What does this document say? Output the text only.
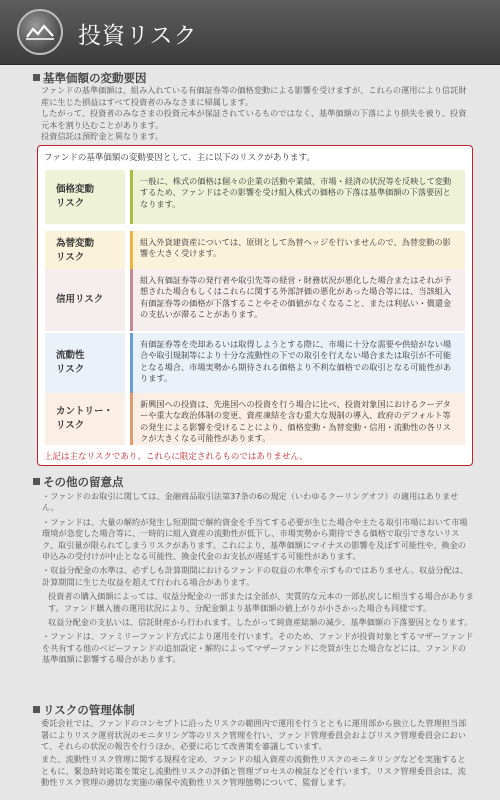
投資リスク
基準価額の変動要因

ファンドの基準価額は、組み入れている有価証券等の価格変動による影響を受けますが、これらの運用により信託財産に生じた損益はすべて投資者のみなさまに帰属します。

したがって、投資者のみなさまの投資元本が保証されているものではなく、基準価額の下落により損失を被り、投資元本を割り込むことがあります。

投資信託は預貯金と異なります。

ファンドの基準価額の変動要因として、主に以下のリスクがあります。
価格変動
リスク
一般に、株式の価格は個々の企業の活動や業績、市場・経済の状況等を反映して変動するため、ファンドはその影響を受け組入株式の価格の下落は基準価額の下落要因となります。
為替変動
リスク
組入外貨建資産については、原則として為替ヘッジを行いませんので、為替変動の影響を大きく受けます。
信用リスク
組入有価証券等の発行者や取引先等の経営・財務状況が悪化した場合またはそれが予想された場合もしくはこれらに関する外部評価の悪化があった場合等には、当該組入有価証券等の価格が下落することやその価値がなくなること、または利払い・償還金の支払いが滞ることがあります。
流動性
リスク
有価証券等を売却あるいは取得しようとする際に、市場に十分な需要や供給がない場合や取引規制等により十分な流動性の下での取引を行えない場合または取引が不可能となる場合、市場実勢から期待される価格より不利な価格での取引となる可能性があります。
カントリー・
リスク
新興国への投資は、先進国への投資を行う場合に比べ、投資対象国におけるクーデターや重大な政治体制の変更、資産凍結を含む重大な規制の導入、政府のデフォルト等の発生による影響を受けることにより、価格変動・為替変動・信用・流動性の各リスクが大きくなる可能性があります。
上記は主なリスクであり、これらに限定されるものではありません。
その他の留意点

・ファンドのお取引に関しては、金融商品取引法第37条の6の規定（いわゆるクーリングオフ）の適用はありません。

・ファンドは、大量の解約が発生し短期間で解約資金を手当てする必要が生じた場合や主たる取引市場において市場環境が急変した場合等に、一時的に組入資産の流動性が低下し、市場実勢から期待できる価格で取引できないリスク、取引量が限られてしまうリスクがあります。これにより、基準価額にマイナスの影響を及ぼす可能性や、換金の申込みの受付けが中止となる可能性、換金代金のお支払が遅延する可能性があります。

・収益分配金の水準は、必ずしも計算期間におけるファンドの収益の水準を示すものではありません。収益分配は、計算期間に生じた収益を超えて行われる場合があります。

投資者の購入価額によっては、収益分配金の一部または全部が、実質的な元本の一部払戻しに相当する場合があります。ファンド購入後の運用状況により、分配金額より基準価額の値上がりが小さかった場合も同様です。

収益分配金の支払いは、信託財産から行われます。したがって純資産総額の減少、基準価額の下落要因となります。

・ファンドは、ファミリーファンド方式により運用を行います。そのため、ファンドが投資対象とするマザーファンドを共有する他のベビーファンドの追加設定・解約によってマザーファンドに売買が生じた場合などには、ファンドの基準価額に影響する場合があります。

リスクの管理体制

委託会社では、ファンドのコンセプトに沿ったリスクの範囲内で運用を行うとともに運用部から独立した管理担当部署によりリスク運営状況のモニタリング等のリスク管理を行い、ファンド管理委員会およびリスク管理委員会において、それらの状況の報告を行うほか、必要に応じて改善策を審議しています。

また、流動性リスク管理に関する規程を定め、ファンドの組入資産の流動性リスクのモニタリングなどを実施するとともに、緊急時対応策を策定し流動性リスクの評価と管理プロセスの検証などを行います。リスク管理委員会は、流動性リスク管理の適切な実施の確保や流動性リスク管理態勢について、監督します。
